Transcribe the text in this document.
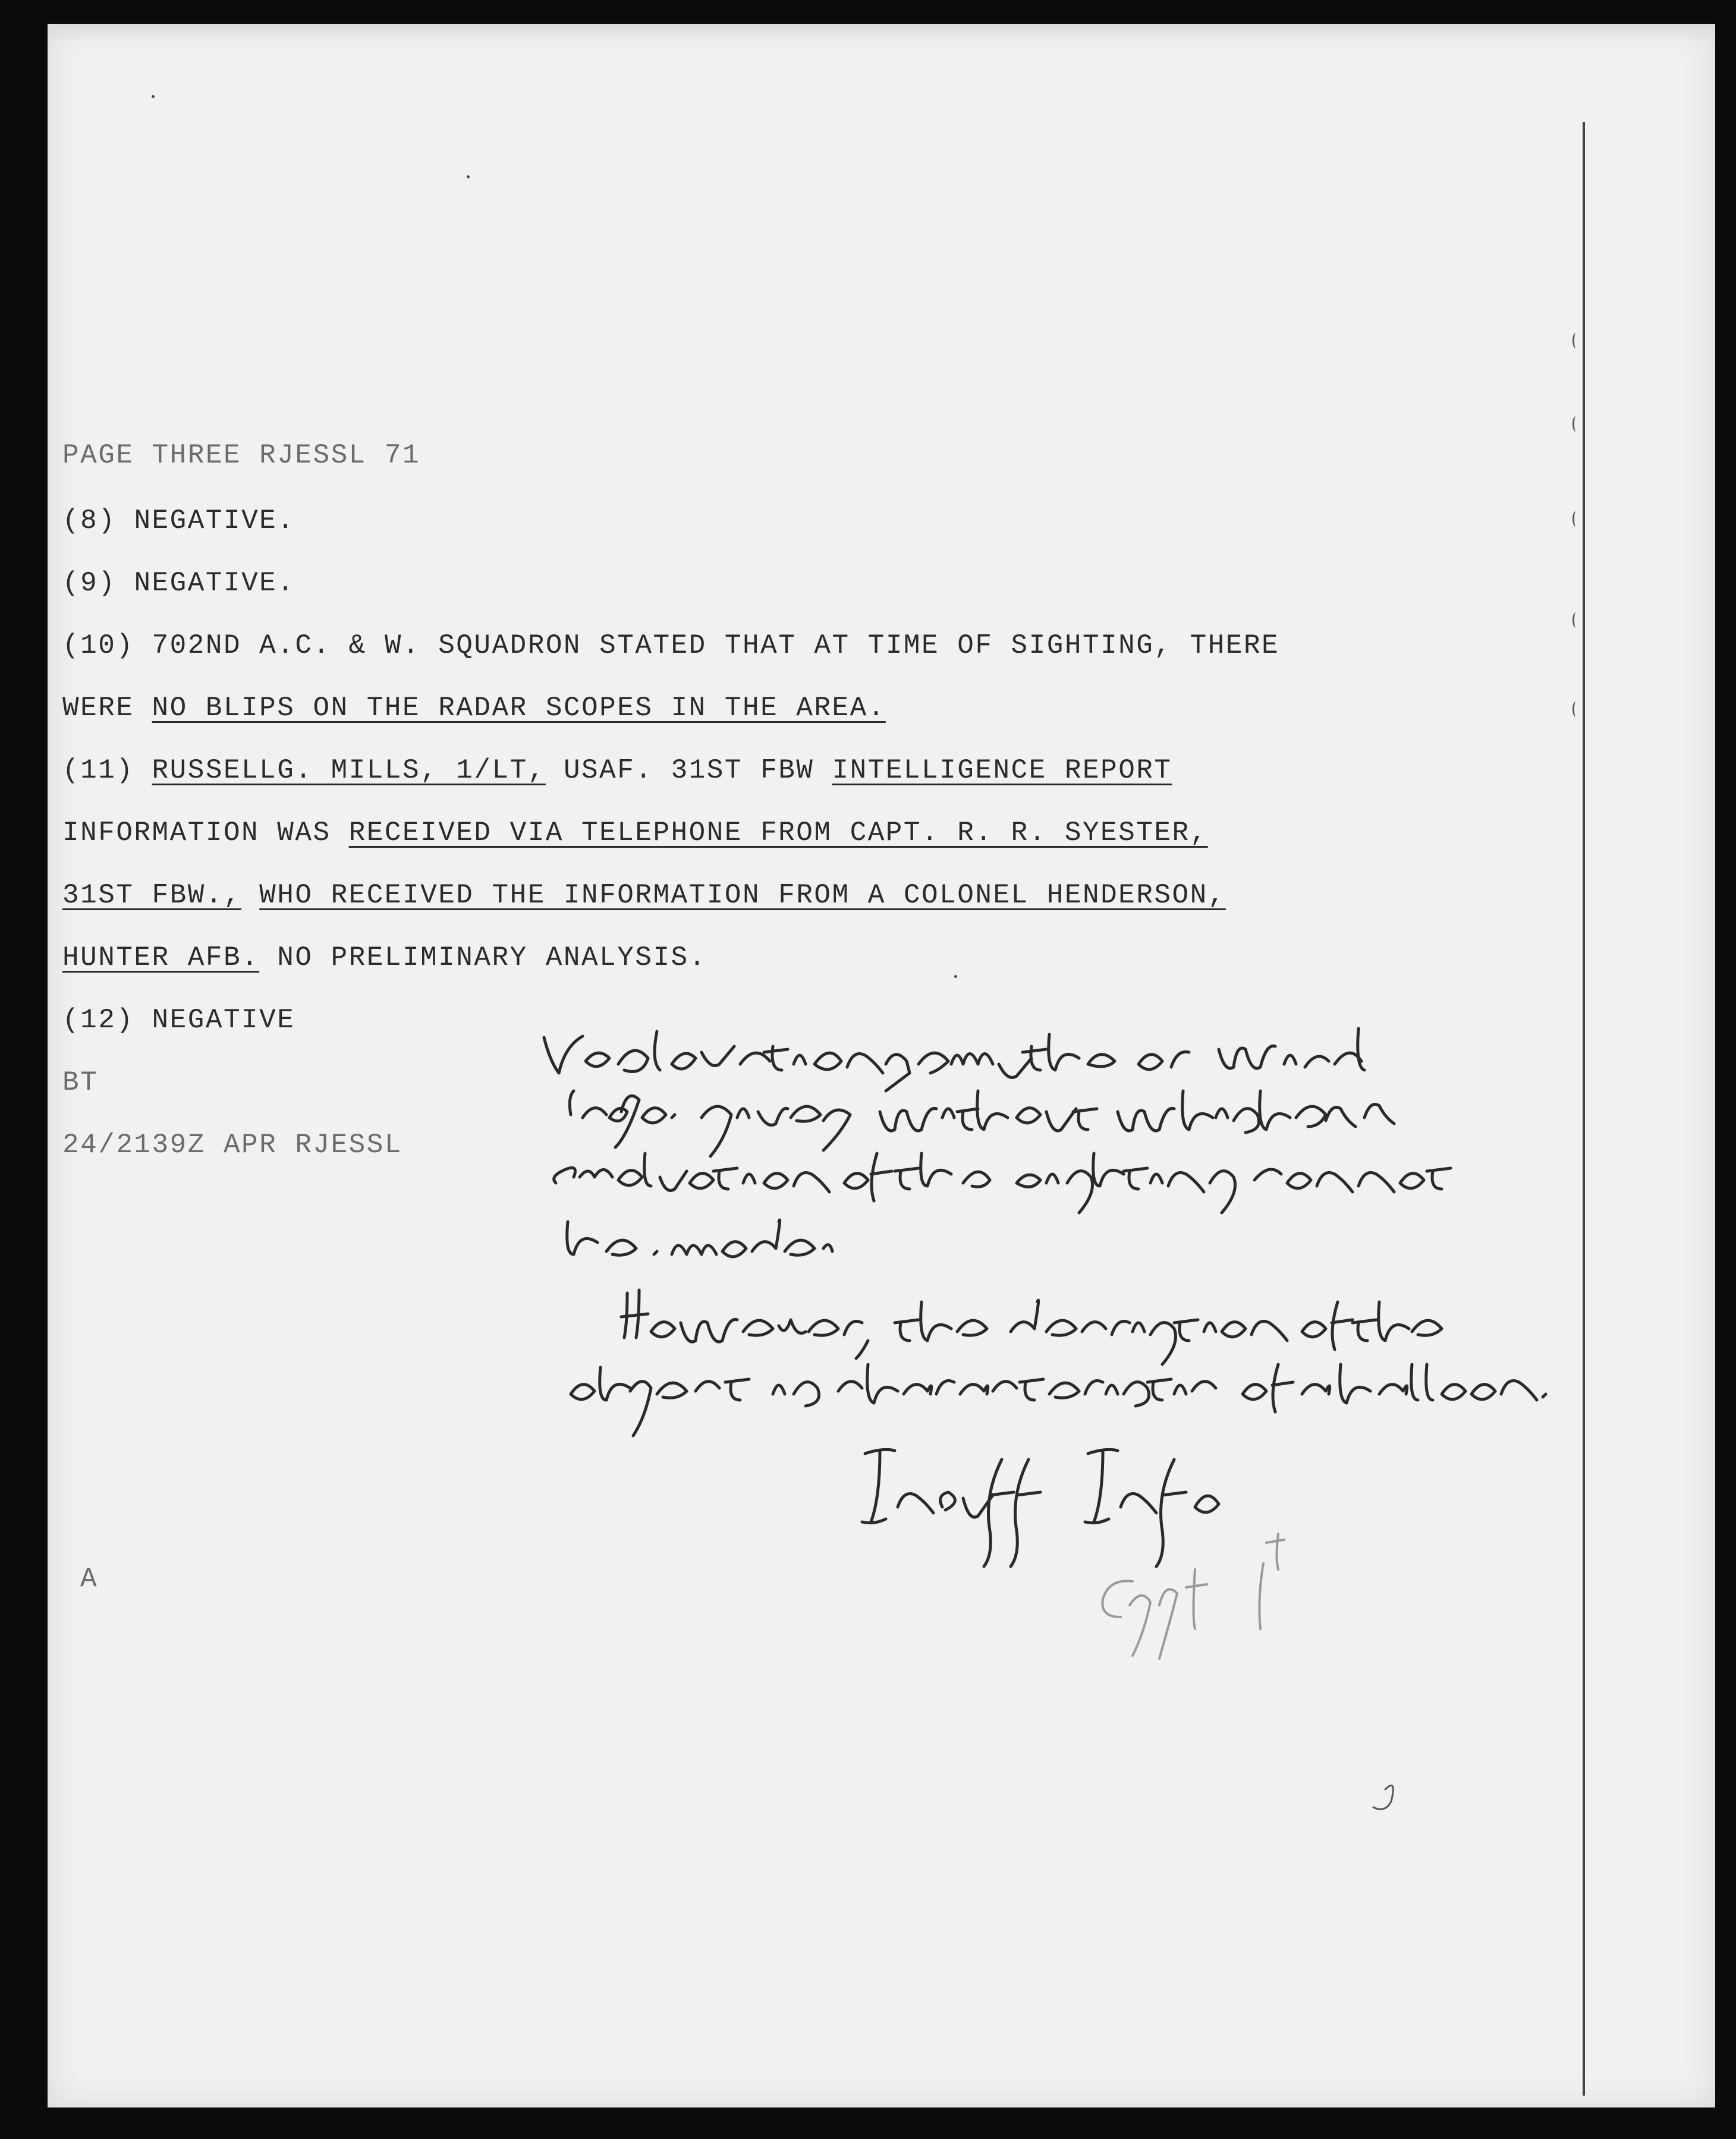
PAGE THREE RJESSL 71

(8) NEGATIVE.

(9) NEGATIVE.

(10) 702ND A.C. & W. SQUADRON STATED THAT AT TIME OF SIGHTING, THERE

WERE NO BLIPS ON THE RADAR SCOPES IN THE AREA.

(11) RUSSELLG. MILLS, 1/LT, USAF. 31ST FBW INTELLIGENCE REPORT

INFORMATION WAS RECEIVED VIA TELEPHONE FROM CAPT. R. R. SYESTER,

31ST FBW., WHO RECEIVED THE INFORMATION FROM A COLONEL HENDERSON,

HUNTER AFB. NO PRELIMINARY ANALYSIS.

(12) NEGATIVE

BT

24/2139Z APR RJESSL

A
